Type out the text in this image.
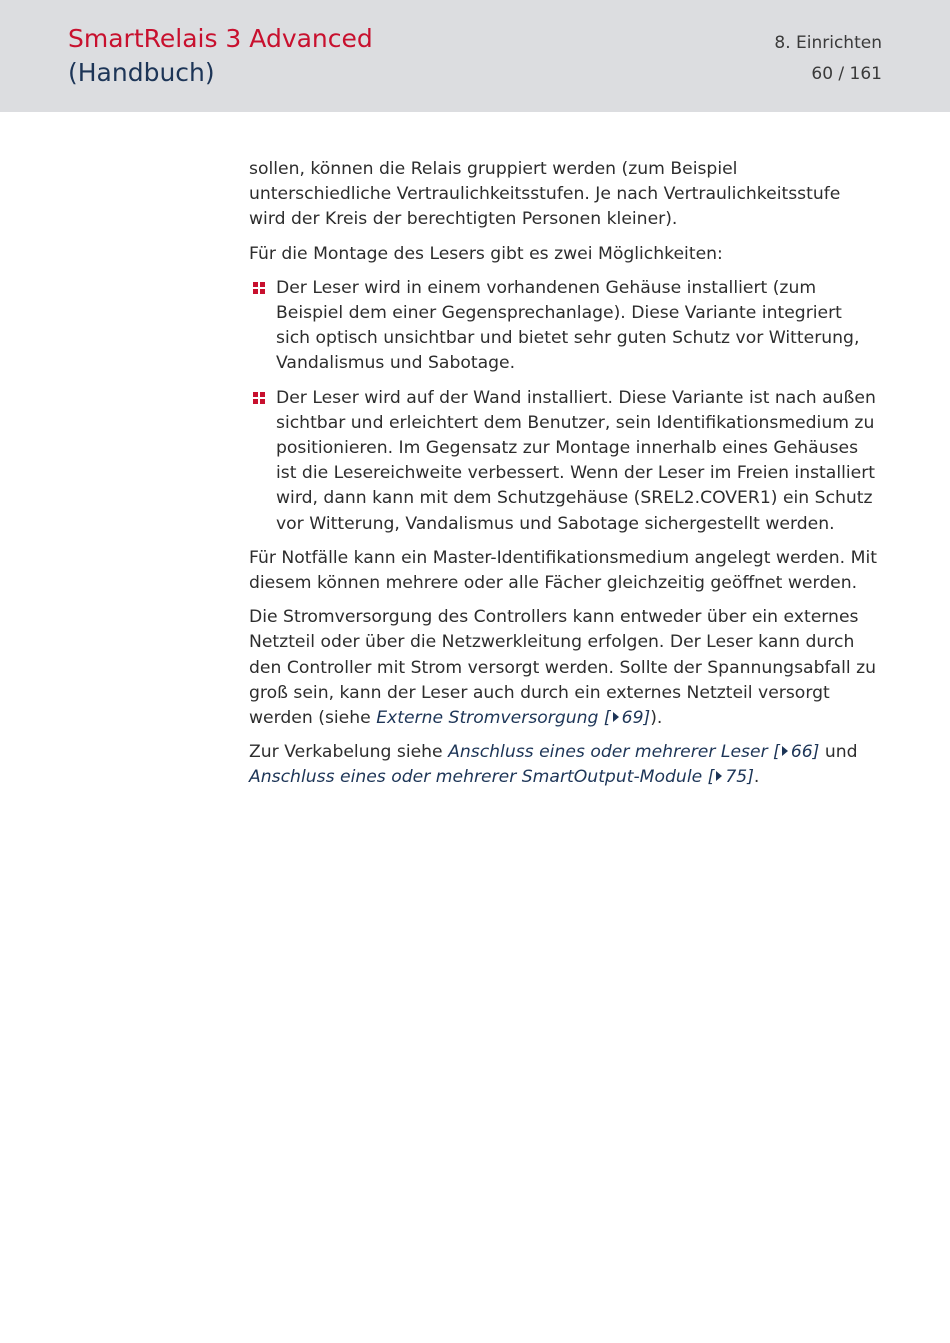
SmartRelais 3 Advanced
(Handbuch)
8. Einrichten
60 / 161

sollen, können die Relais gruppiert werden (zum Beispiel unterschiedliche Vertraulichkeitsstufen. Je nach Vertraulichkeitsstufe wird der Kreis der berechtigten Personen kleiner).

Für die Montage des Lesers gibt es zwei Möglichkeiten:

Der Leser wird in einem vorhandenen Gehäuse installiert (zum Beispiel dem einer Gegensprechanlage). Diese Variante integriert sich optisch unsichtbar und bietet sehr guten Schutz vor Witterung, Vandalismus und Sabotage.
Der Leser wird auf der Wand installiert. Diese Variante ist nach außen sichtbar und erleichtert dem Benutzer, sein Identifikationsmedium zu positionieren. Im Gegensatz zur Montage innerhalb eines Gehäuses ist die Lesereichweite verbessert. Wenn der Leser im Freien installiert wird, dann kann mit dem Schutzgehäuse (SREL2.COVER1) ein Schutz vor Witterung, Vandalismus und Sabotage sichergestellt werden.

Für Notfälle kann ein Master-Identifikationsmedium angelegt werden. Mit diesem können mehrere oder alle Fächer gleichzeitig geöffnet werden.

Die Stromversorgung des Controllers kann entweder über ein externes Netzteil oder über die Netzwerkleitung erfolgen. Der Leser kann durch den Controller mit Strom versorgt werden. Sollte der Spannungsabfall zu groß sein, kann der Leser auch durch ein externes Netzteil versorgt werden (siehe Externe Stromversorgung [ 69]).

Zur Verkabelung siehe Anschluss eines oder mehrerer Leser [ 66] und Anschluss eines oder mehrerer SmartOutput-Module [ 75].
